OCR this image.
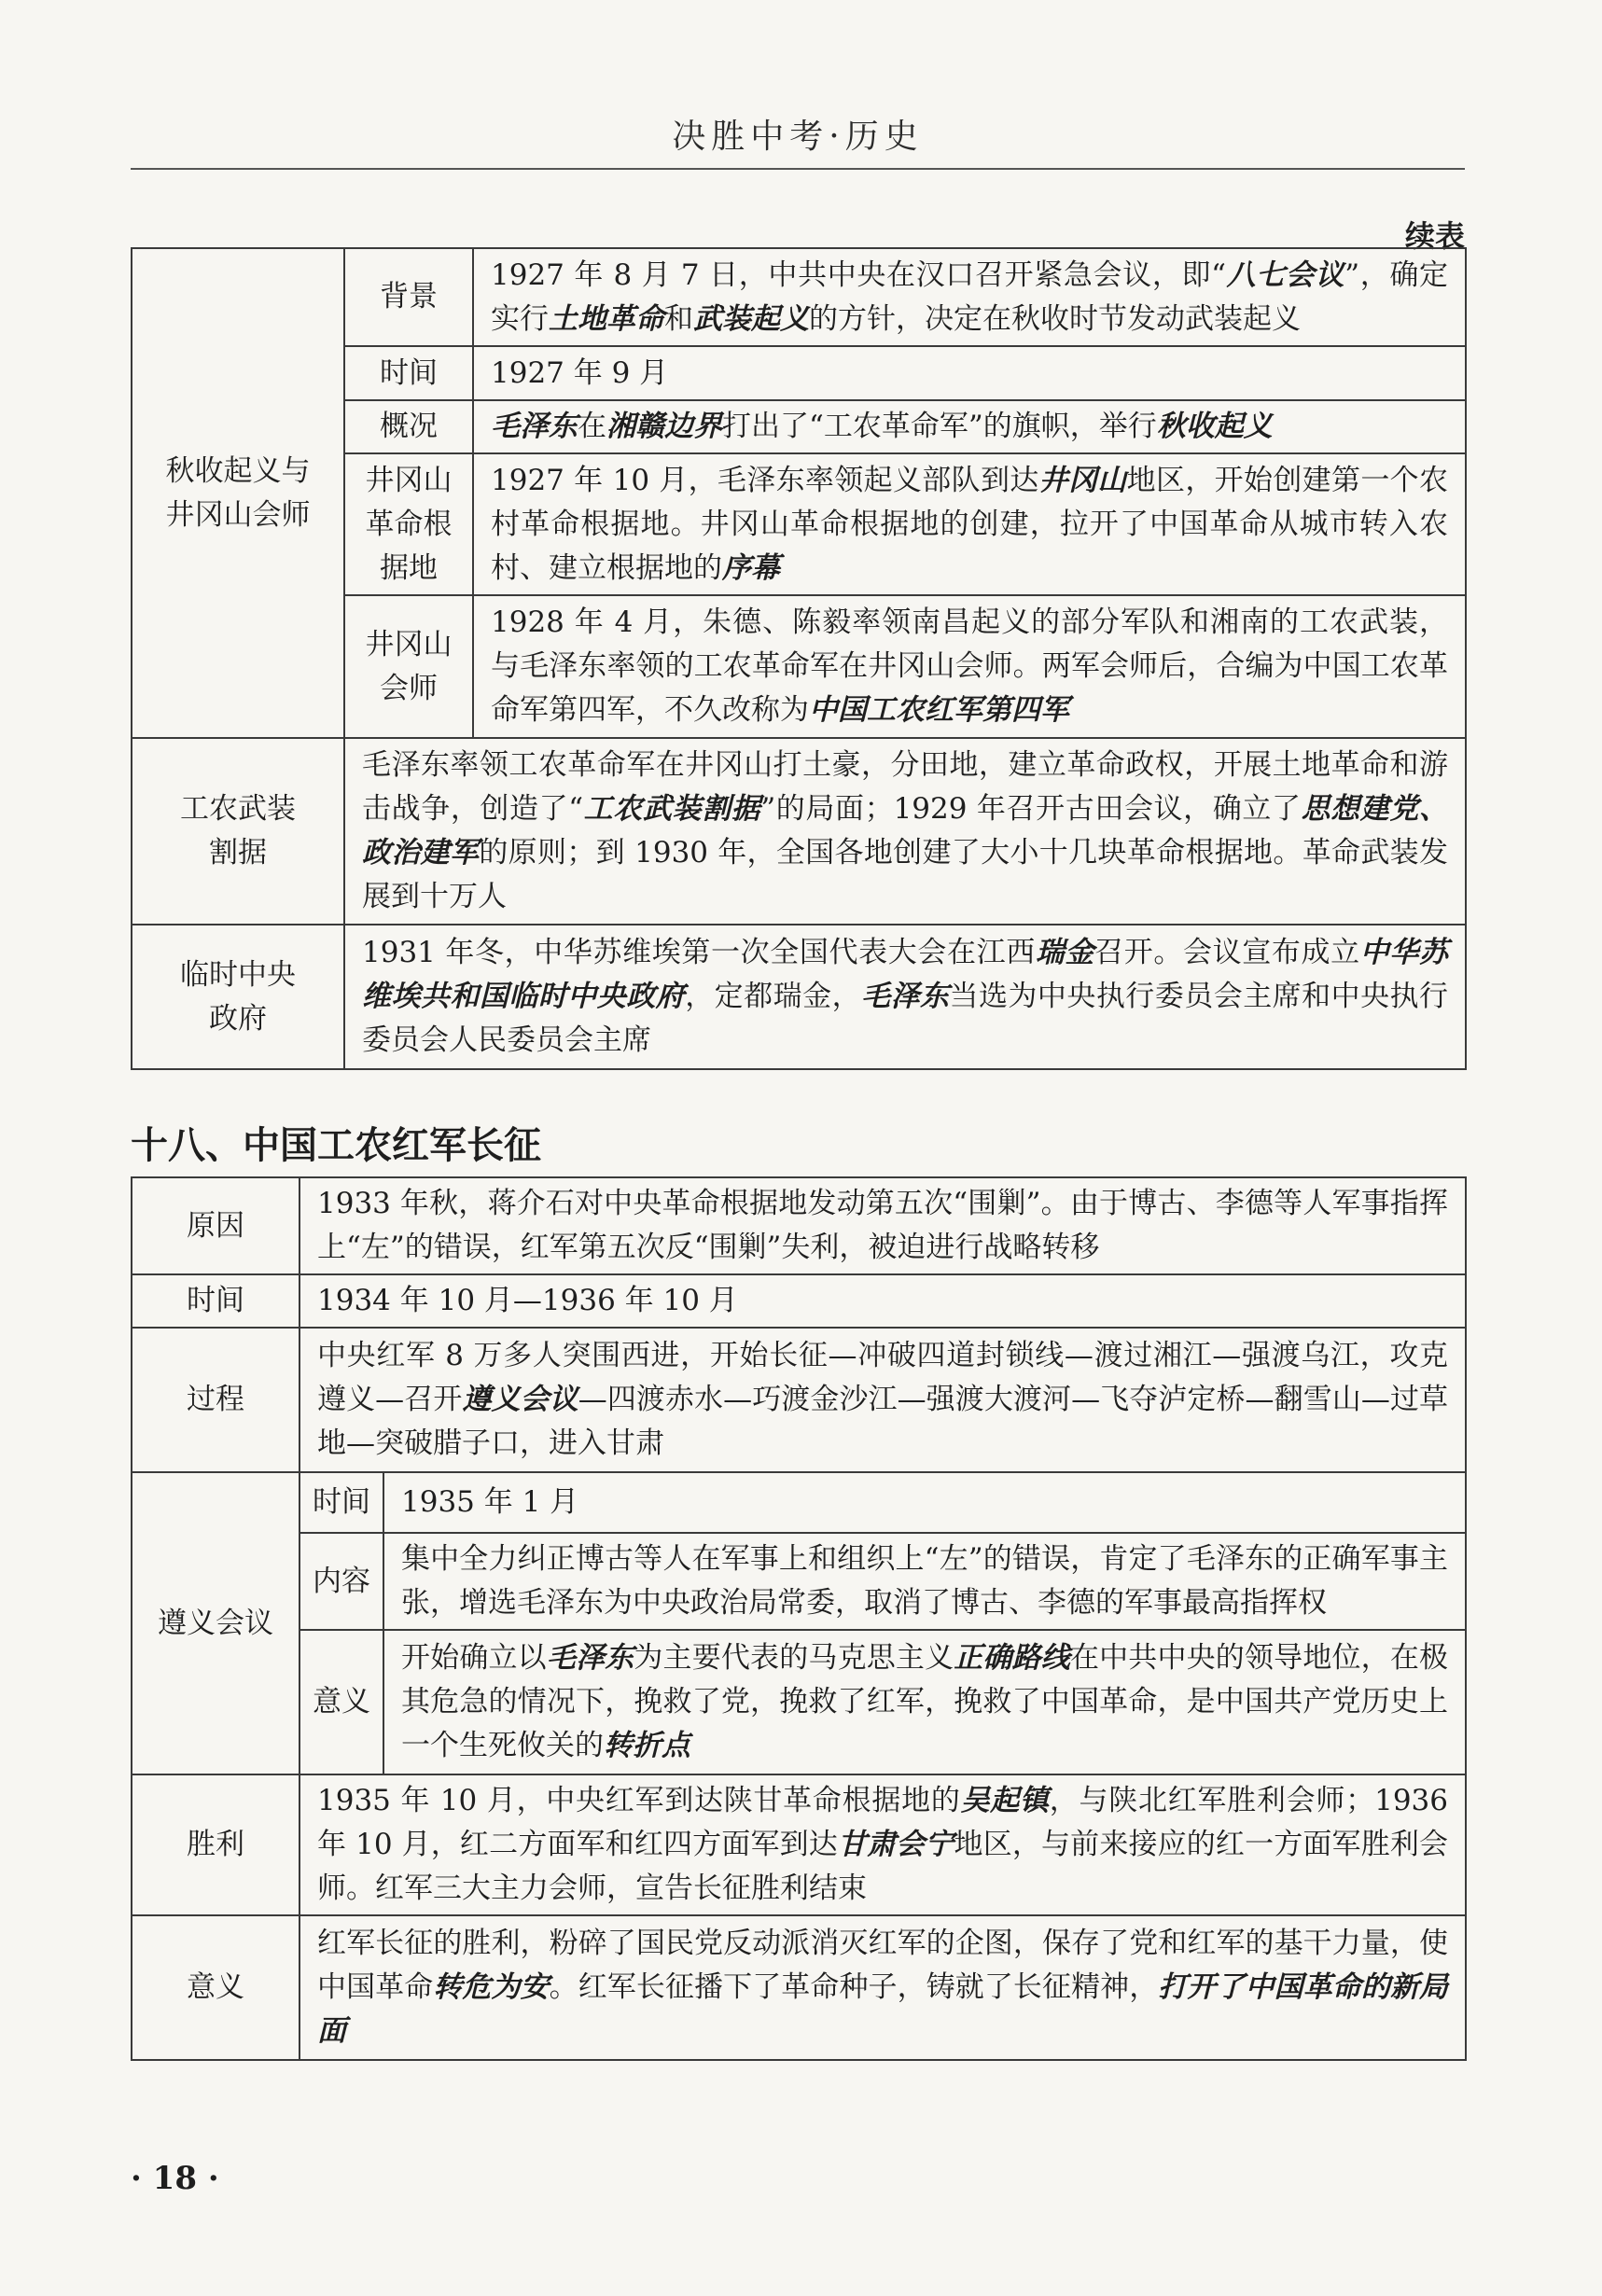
决胜中考·历史
续表
秋收起义与井冈山会师	背景	1927 年 8 月 7 日，中共中央在汉口召开紧急会议，即“八七会议”，确定实行土地革命和武装起义的方针，决定在秋收时节发动武装起义
	时间	1927 年 9 月
	概况	毛泽东在湘赣边界打出了“工农革命军”的旗帜，举行秋收起义
	井冈山革命根据地	1927 年 10 月，毛泽东率领起义部队到达井冈山地区，开始创建第一个农村革命根据地。井冈山革命根据地的创建，拉开了中国革命从城市转入农村、建立根据地的序幕
	井冈山会师	1928 年 4 月，朱德、陈毅率领南昌起义的部分军队和湘南的工农武装，与毛泽东率领的工农革命军在井冈山会师。两军会师后，合编为中国工农革命军第四军，不久改称为中国工农红军第四军
工农武装割据	毛泽东率领工农革命军在井冈山打土豪，分田地，建立革命政权，开展土地革命和游击战争，创造了“工农武装割据”的局面；1929 年召开古田会议，确立了思想建党、政治建军的原则；到 1930 年，全国各地创建了大小十几块革命根据地。革命武装发展到十万人	
临时中央政府	1931 年冬，中华苏维埃第一次全国代表大会在江西瑞金召开。会议宣布成立中华苏维埃共和国临时中央政府，定都瑞金，毛泽东当选为中央执行委员会主席和中央执行委员会人民委员会主席	
十八、中国工农红军长征
原因	1933 年秋，蒋介石对中央革命根据地发动第五次“围剿”。由于博古、李德等人军事指挥上“左”的错误，红军第五次反“围剿”失利，被迫进行战略转移	
时间	1934 年 10 月—1936 年 10 月	
过程	中央红军 8 万多人突围西进，开始长征—冲破四道封锁线—渡过湘江—强渡乌江，攻克遵义—召开遵义会议—四渡赤水—巧渡金沙江—强渡大渡河—飞夺泸定桥—翻雪山—过草地—突破腊子口，进入甘肃	
遵义会议	时间	1935 年 1 月
	内容	集中全力纠正博古等人在军事上和组织上“左”的错误，肯定了毛泽东的正确军事主张，增选毛泽东为中央政治局常委，取消了博古、李德的军事最高指挥权
	意义	开始确立以毛泽东为主要代表的马克思主义正确路线在中共中央的领导地位，在极其危急的情况下，挽救了党，挽救了红军，挽救了中国革命，是中国共产党历史上一个生死攸关的转折点
胜利	1935 年 10 月，中央红军到达陕甘革命根据地的吴起镇，与陕北红军胜利会师；1936 年 10 月，红二方面军和红四方面军到达甘肃会宁地区，与前来接应的红一方面军胜利会师。红军三大主力会师，宣告长征胜利结束	
意义	红军长征的胜利，粉碎了国民党反动派消灭红军的企图，保存了党和红军的基干力量，使中国革命转危为安。红军长征播下了革命种子，铸就了长征精神，打开了中国革命的新局面	
· 18 ·
